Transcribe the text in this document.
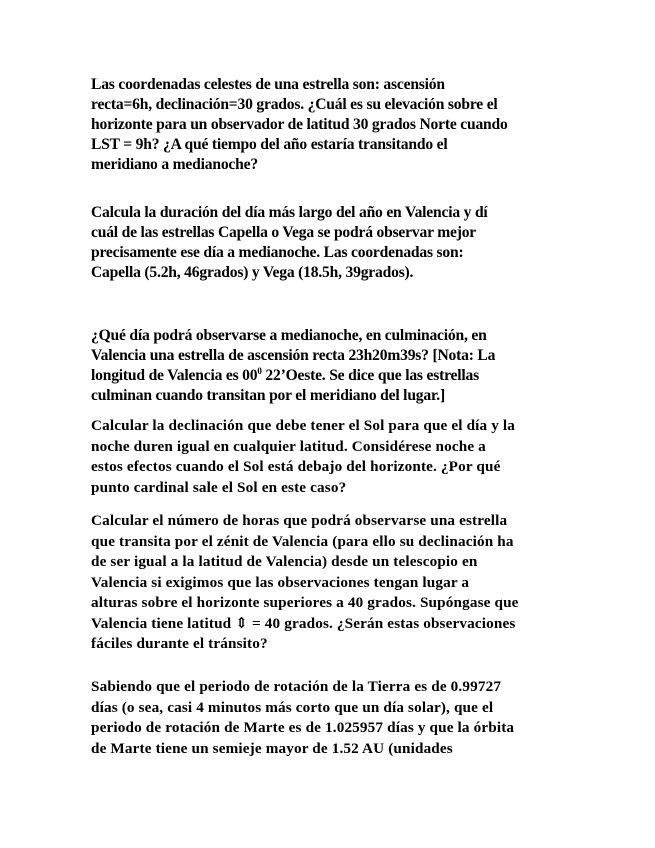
Las coordenadas celestes de una estrella son: ascensión
recta=6h, declinación=30 grados. ¿Cuál es su elevación sobre el
horizonte para un observador de latitud 30 grados Norte cuando
LST = 9h? ¿A qué tiempo del año estaría transitando el
meridiano a medianoche?
Calcula la duración del día más largo del año en Valencia y dí
cuál de las estrellas Capella o Vega se podrá observar mejor
precisamente ese día a medianoche. Las coordenadas son:
Capella (5.2h, 46grados) y Vega (18.5h, 39grados).
¿Qué día podrá observarse a medianoche, en culminación, en
Valencia una estrella de ascensión recta 23h20m39s? [Nota: La
longitud de Valencia es $00^0$ 22’Oeste. Se dice que las estrellas
culminan cuando transitan por el meridiano del lugar.]
Calcular la declinación que debe tener el Sol para que el día y la
noche duren igual en cualquier latitud. Considérese noche a
estos efectos cuando el Sol está debajo del horizonte. ¿Por qué
punto cardinal sale el Sol en este caso?
Calcular el número de horas que podrá observarse una estrella
que transita por el zénit de Valencia (para ello su declinación ha
de ser igual a la latitud de Valencia) desde un telescopio en
Valencia si exigimos que las observaciones tengan lugar a
alturas sobre el horizonte superiores a 40 grados. Supóngase que
Valencia tiene latitud ⇕ = 40 grados. ¿Serán estas observaciones
fáciles durante el tránsito?
Sabiendo que el periodo de rotación de la Tierra es de 0.99727
días (o sea, casi 4 minutos más corto que un día solar), que el
periodo de rotación de Marte es de 1.025957 días y que la órbita
de Marte tiene un semieje mayor de 1.52 AU (unidades
